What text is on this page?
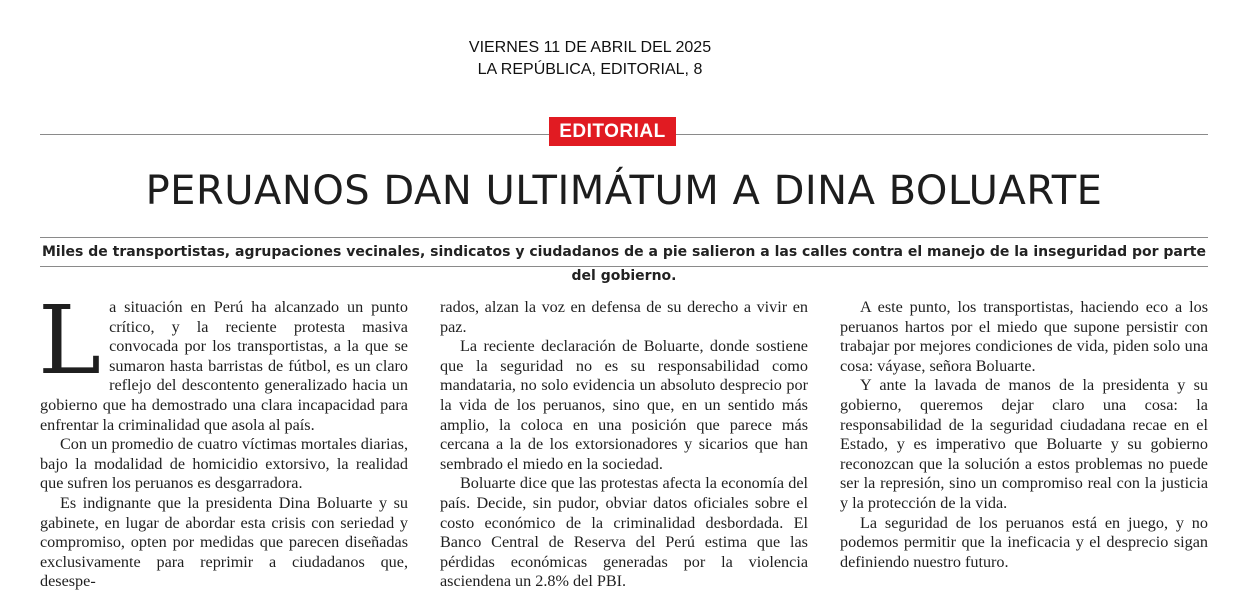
VIERNES 11 DE ABRIL DEL 2025
LA REPÚBLICA, EDITORIAL, 8
EDITORIAL
PERUANOS DAN ULTIMÁTUM A DINA BOLUARTE
Miles de transportistas, agrupaciones vecinales, sindicatos y ciudadanos de a pie salieron a las calles contra el manejo de la inseguridad por parte del gobierno.

La situación en Perú ha alcanzado un punto crítico, y la reciente protesta masiva convocada por los transportistas, a la que se sumaron hasta barristas de fútbol, es un claro reflejo del descontento generalizado hacia un gobierno que ha demostrado una clara incapacidad para enfrentar la criminalidad que asola al país.

Con un promedio de cuatro víctimas mortales diarias, bajo la modalidad de homicidio extorsivo, la realidad que sufren los peruanos es desgarradora.

Es indignante que la presidenta Dina Boluarte y su gabinete, en lugar de abordar esta crisis con seriedad y compromiso, opten por medidas que parecen diseñadas exclusivamente para reprimir a ciudadanos que, desespe-

rados, alzan la voz en defensa de su derecho a vivir en paz.

La reciente declaración de Boluarte, donde sostiene que la seguridad no es su responsabilidad como mandataria, no solo evidencia un absoluto desprecio por la vida de los peruanos, sino que, en un sentido más amplio, la coloca en una posición que parece más cercana a la de los extorsionadores y sicarios que han sembrado el miedo en la sociedad.

Boluarte dice que las protestas afecta la economía del país. Decide, sin pudor, obviar datos oficiales sobre el costo económico de la criminalidad desbordada. El Banco Central de Reserva del Perú estima que las pérdidas económicas generadas por la violencia asciendena un 2.8% del PBI.

A este punto, los transportistas, haciendo eco a los peruanos hartos por el miedo que supone persistir con trabajar por mejores condiciones de vida, piden solo una cosa: váyase, señora Boluarte.

Y ante la lavada de manos de la presidenta y su gobierno, queremos dejar claro una cosa: la responsabilidad de la seguridad ciudadana recae en el Estado, y es imperativo que Boluarte y su gobierno reconozcan que la solución a estos problemas no puede ser la represión, sino un compromiso real con la justicia y la protección de la vida.

La seguridad de los peruanos está en juego, y no podemos permitir que la ineficacia y el desprecio sigan definiendo nuestro futuro.
